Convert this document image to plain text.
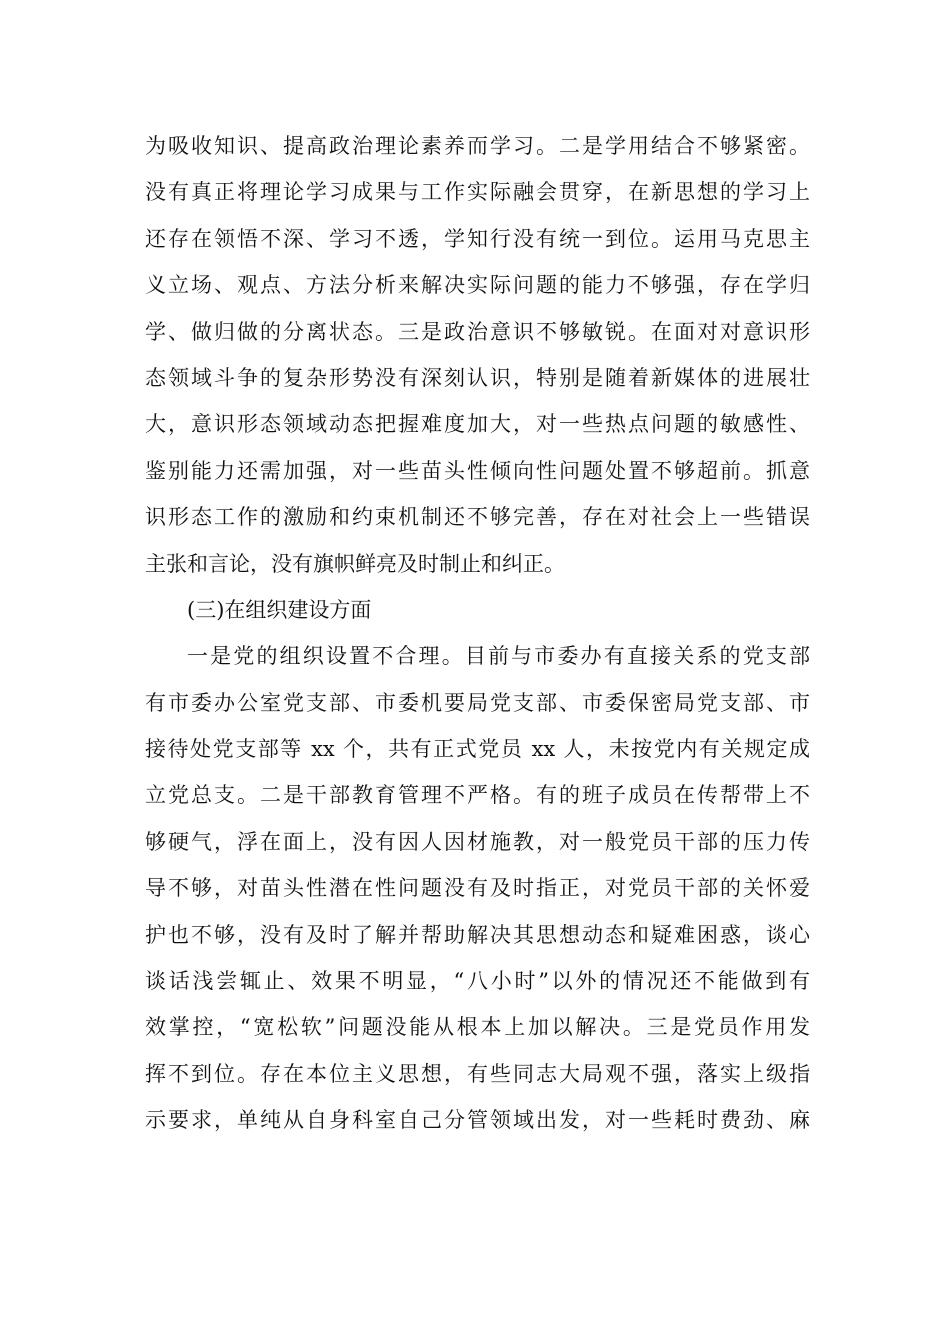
为吸收知识、提高政治理论素养而学习。二是学用结合不够紧密。
没有真正将理论学习成果与工作实际融会贯穿，在新思想的学习上
还存在领悟不深、学习不透，学知行没有统一到位。运用马克思主
义立场、观点、方法分析来解决实际问题的能力不够强，存在学归
学、做归做的分离状态。三是政治意识不够敏锐。在面对对意识形
态领域斗争的复杂形势没有深刻认识，特别是随着新媒体的进展壮
大，意识形态领域动态把握难度加大，对一些热点问题的敏感性、
鉴别能力还需加强，对一些苗头性倾向性问题处置不够超前。抓意
识形态工作的激励和约束机制还不够完善，存在对社会上一些错误
主张和言论，没有旗帜鲜亮及时制止和纠正。
(三)在组织建设方面
一是党的组织设置不合理。目前与市委办有直接关系的党支部
有市委办公室党支部、市委机要局党支部、市委保密局党支部、市
接待处党支部等 xx 个，共有正式党员 xx 人，未按党内有关规定成
立党总支。二是干部教育管理不严格。有的班子成员在传帮带上不
够硬气，浮在面上，没有因人因材施教，对一般党员干部的压力传
导不够，对苗头性潜在性问题没有及时指正，对党员干部的关怀爱
护也不够，没有及时了解并帮助解决其思想动态和疑难困惑，谈心
谈话浅尝辄止、效果不明显，“八小时”以外的情况还不能做到有
效掌控，“宽松软”问题没能从根本上加以解决。三是党员作用发
挥不到位。存在本位主义思想，有些同志大局观不强，落实上级指
示要求，单纯从自身科室自己分管领域出发，对一些耗时费劲、麻
